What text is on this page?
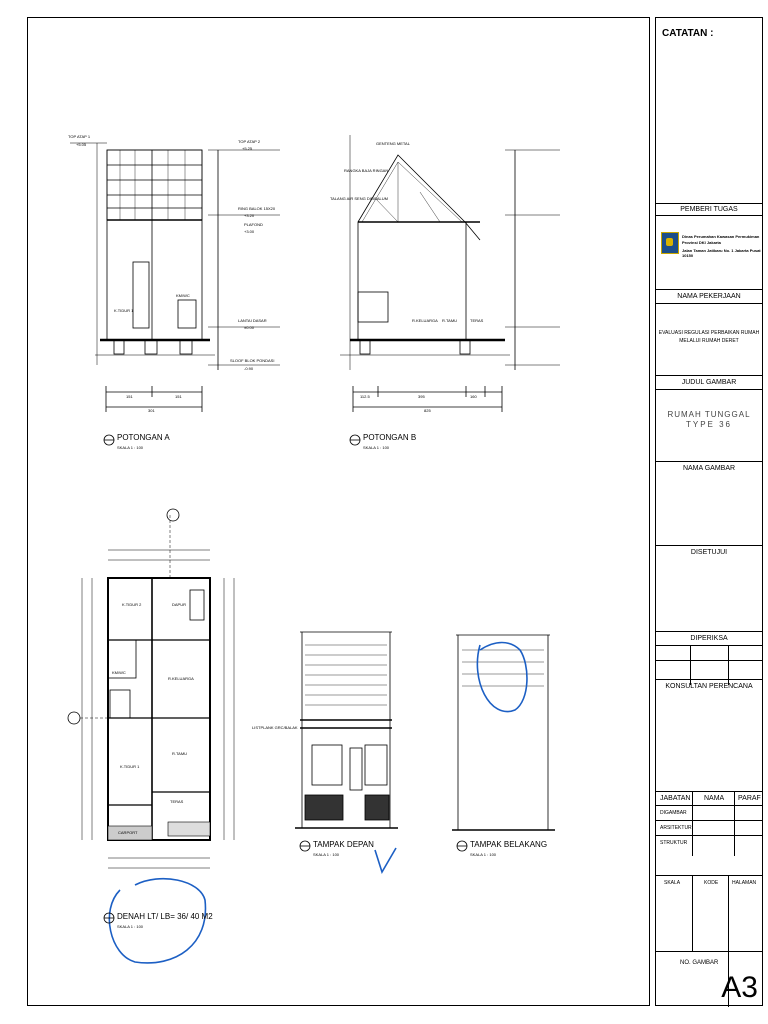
POTONGAN A
SKALA 1 : 100
POTONGAN B
SKALA 1 : 100
DENAH LT/ LB= 36/ 40 M2
SKALA 1 : 100
TAMPAK DEPAN
SKALA 1 : 100
TAMPAK BELAKANG
SKALA 1 : 100
LISTPLANK GRC/BALAK
TOP ATAP 1
+5.05
TOP ATAP 2
+5.25
RING BALOK 15X20
+3.20
PLAFOND
+3.00
LANTAI DASAR
±0.00
SLOOF BLOK PONDASI
-0.90
GENTENG METAL
RANGKA BAJA RINGAN
TALANG AIR SENG DINGALUM
R.KELUARGA R.TAMU	TERAS
K.TIDUR 1
KM/WC
151	151
301
112.5	395	160
825
K.TIDUR 2	DAPUR
KM/WC
R.KELUARGA
R.TAMU
K.TIDUR 1
TERAS
CARPORT
CATATAN :
PEMBERI TUGAS
Dinas Perumahan Kawasan Permukiman
Provinsi DKI Jakarta
Jalan Taman Jatibaru No. 1 Jakarta Pusat 10150
NAMA PEKERJAAN
EVALUASI REGULASI PERBAIKAN RUMAH
MELALUI RUMAH DERET
JUDUL GAMBAR
RUMAH TUNGGAL
TYPE 36
NAMA GAMBAR
DISETUJUI
DIPERIKSA
KONSULTAN PERENCANA
JABATAN NAMA PARAF
DIGAMBAR
ARSITEKTUR
STRUKTUR
SKALA	KODE	HALAMAN
NO. GAMBAR
A3
